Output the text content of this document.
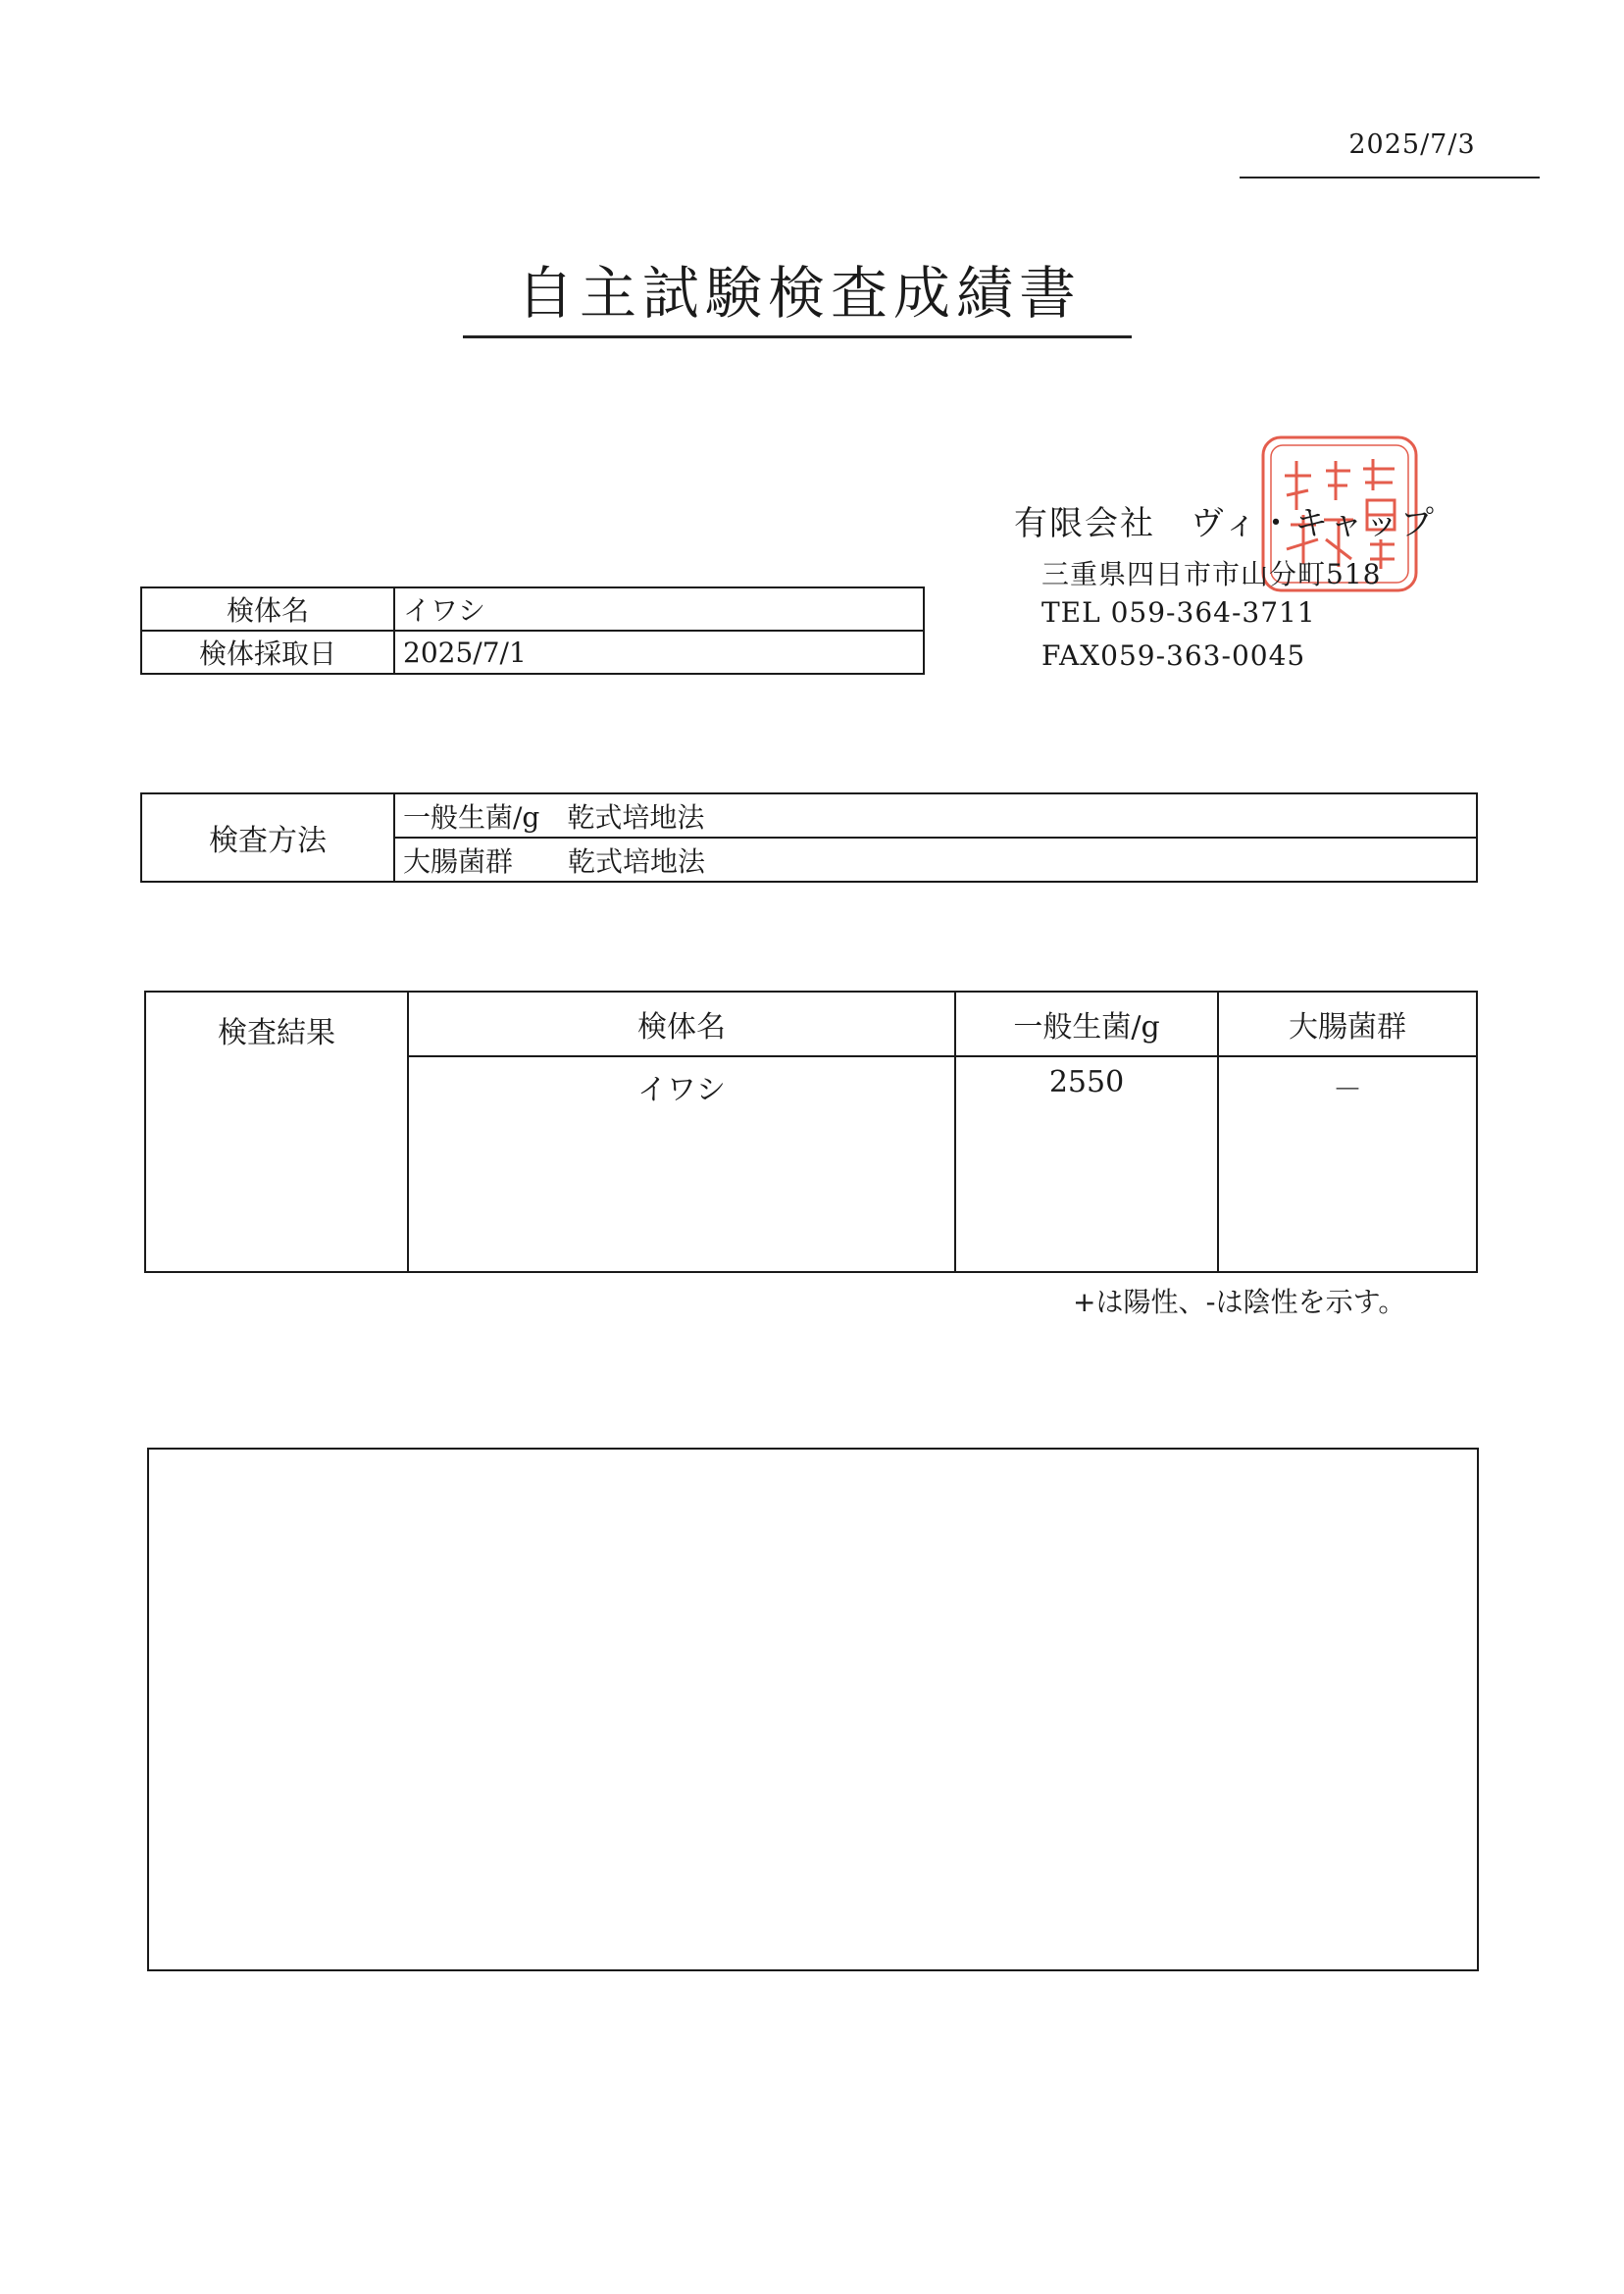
2025/7/3
自主試験検査成績書
有限会社　ヴィ・キャップ
三重県四日市市山分町518
TEL 059-364-3711
FAX059-363-0045
検体名	イワシ
検体採取日	2025/7/1
検査方法	一般生菌/g　乾式培地法
大腸菌群　　乾式培地法
検査結果	検体名	一般生菌/g	大腸菌群
	イワシ	2550	－
+は陽性、-は陰性を示す。
